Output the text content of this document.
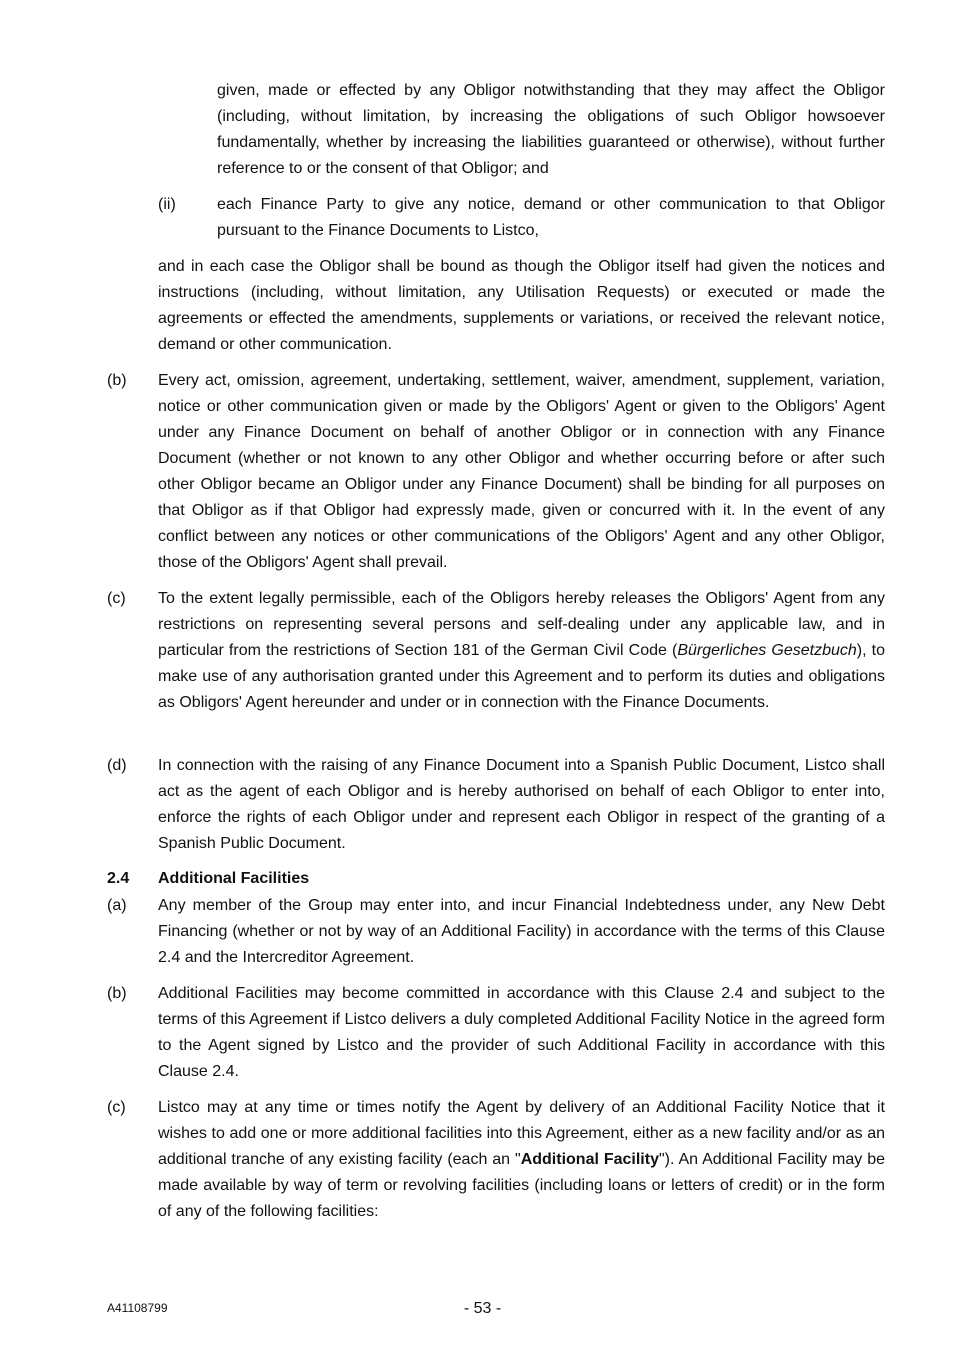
given, made or effected by any Obligor notwithstanding that they may affect the Obligor (including, without limitation, by increasing the obligations of such Obligor howsoever fundamentally, whether by increasing the liabilities guaranteed or otherwise), without further reference to or the consent of that Obligor; and

(ii)	each Finance Party to give any notice, demand or other communication to that Obligor pursuant to the Finance Documents to Listco,

and in each case the Obligor shall be bound as though the Obligor itself had given the notices and instructions (including, without limitation, any Utilisation Requests) or executed or made the agreements or effected the amendments, supplements or variations, or received the relevant notice, demand or other communication.

(b) Every act, omission, agreement, undertaking, settlement, waiver, amendment, supplement, variation, notice or other communication given or made by the Obligors' Agent or given to the Obligors' Agent under any Finance Document on behalf of another Obligor or in connection with any Finance Document (whether or not known to any other Obligor and whether occurring before or after such other Obligor became an Obligor under any Finance Document) shall be binding for all purposes on that Obligor as if that Obligor had expressly made, given or concurred with it. In the event of any conflict between any notices or other communications of the Obligors' Agent and any other Obligor, those of the Obligors' Agent shall prevail.

(c) To the extent legally permissible, each of the Obligors hereby releases the Obligors' Agent from any restrictions on representing several persons and self-dealing under any applicable law, and in particular from the restrictions of Section 181 of the German Civil Code (Bürgerliches Gesetzbuch), to make use of any authorisation granted under this Agreement and to perform its duties and obligations as Obligors' Agent hereunder and under or in connection with the Finance Documents.

(d) In connection with the raising of any Finance Document into a Spanish Public Document, Listco shall act as the agent of each Obligor and is hereby authorised on behalf of each Obligor to enter into, enforce the rights of each Obligor under and represent each Obligor in respect of the granting of a Spanish Public Document.

2.4 Additional Facilities
(a) Any member of the Group may enter into, and incur Financial Indebtedness under, any New Debt Financing (whether or not by way of an Additional Facility) in accordance with the terms of this Clause 2.4 and the Intercreditor Agreement.

(b) Additional Facilities may become committed in accordance with this Clause 2.4 and subject to the terms of this Agreement if Listco delivers a duly completed Additional Facility Notice in the agreed form to the Agent signed by Listco and the provider of such Additional Facility in accordance with this Clause 2.4.

(c) Listco may at any time or times notify the Agent by delivery of an Additional Facility Notice that it wishes to add one or more additional facilities into this Agreement, either as a new facility and/or as an additional tranche of any existing facility (each an "Additional Facility"). An Additional Facility may be made available by way of term or revolving facilities (including loans or letters of credit) or in the form of any of the following facilities:

A41108799	- 53 -
